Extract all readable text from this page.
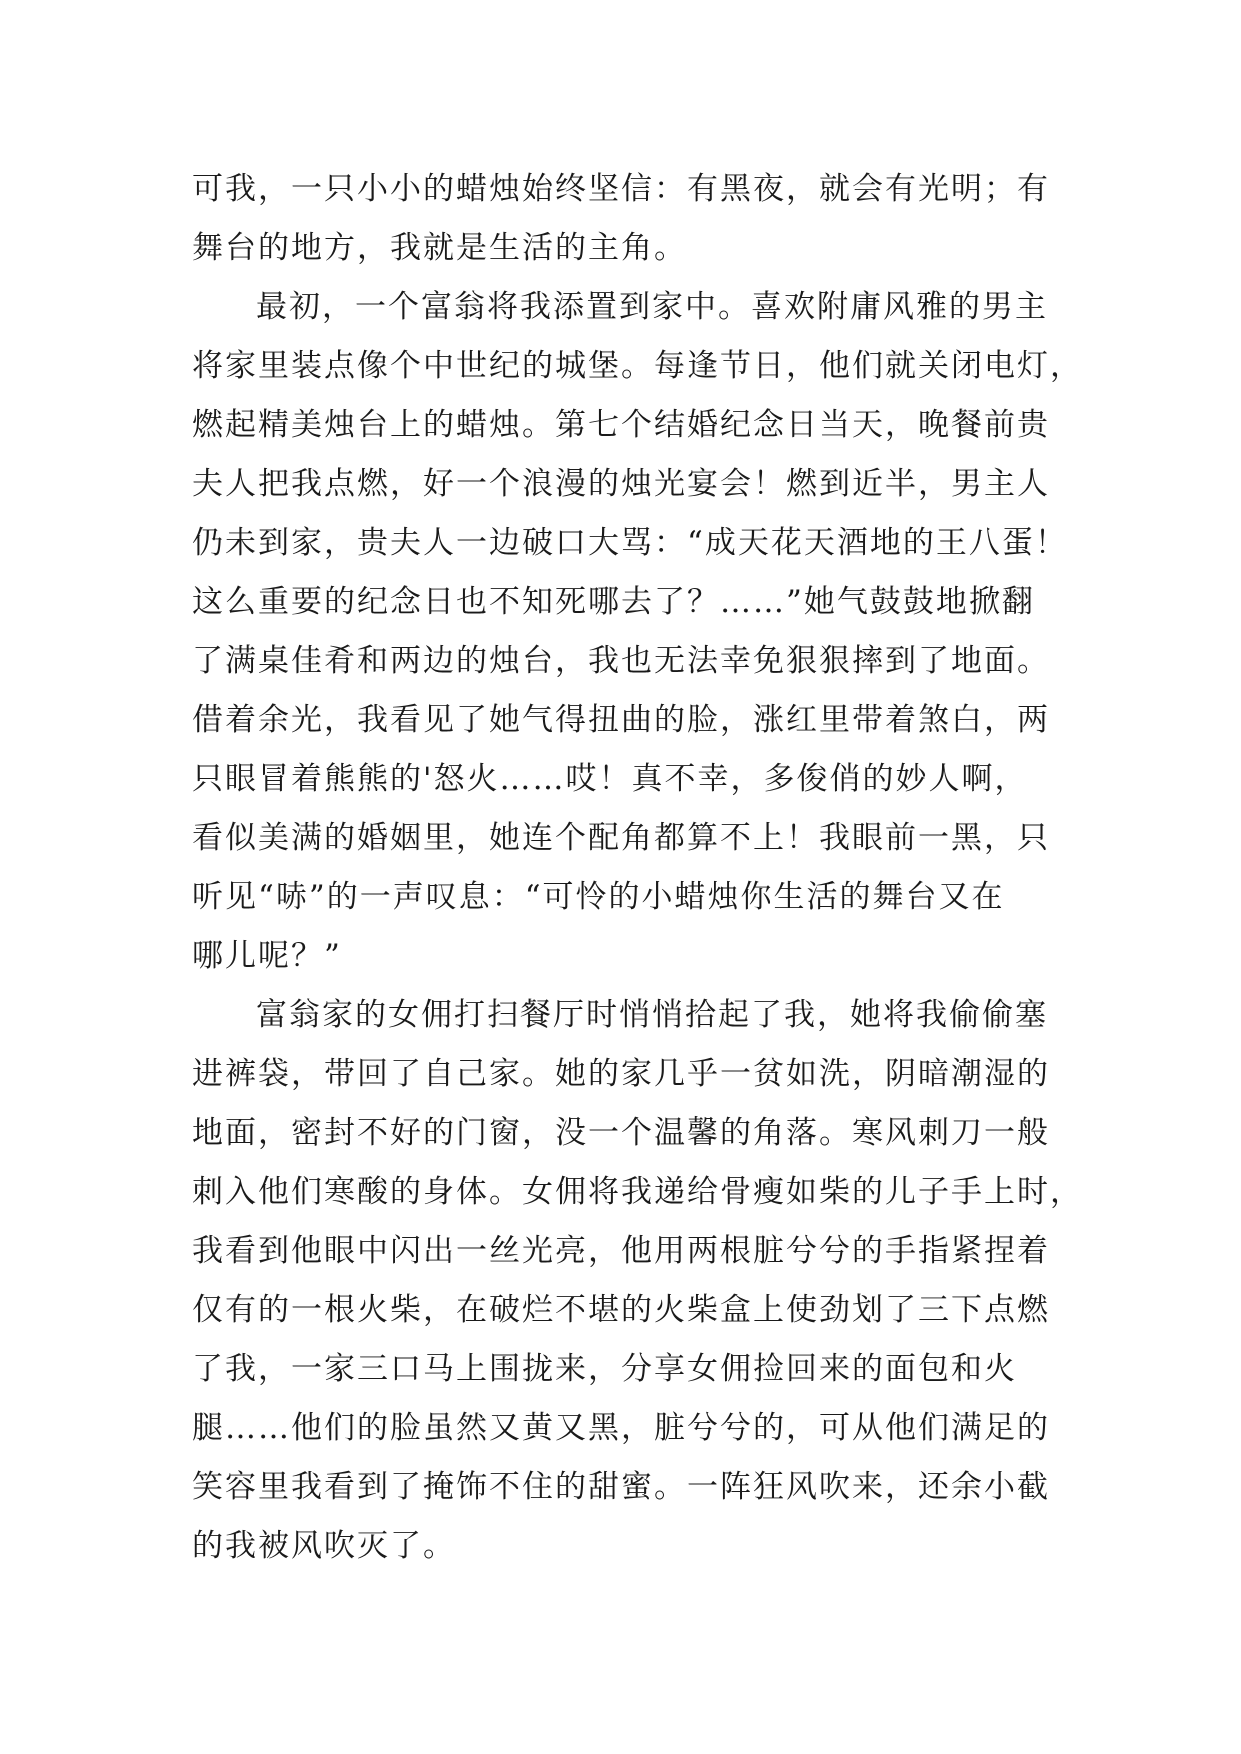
可我，一只小小的蜡烛始终坚信：有黑夜，就会有光明；有
舞台的地方，我就是生活的主角。
最初，一个富翁将我添置到家中。喜欢附庸风雅的男主
将家里装点像个中世纪的城堡。每逢节日，他们就关闭电灯，
燃起精美烛台上的蜡烛。第七个结婚纪念日当天，晚餐前贵
夫人把我点燃，好一个浪漫的烛光宴会！燃到近半，男主人
仍未到家，贵夫人一边破口大骂：“成天花天酒地的王八蛋！
这么重要的纪念日也不知死哪去了？……”她气鼓鼓地掀翻
了满桌佳肴和两边的烛台，我也无法幸免狠狠摔到了地面。
借着余光，我看见了她气得扭曲的脸，涨红里带着煞白，两
只眼冒着熊熊的'怒火……哎！真不幸，多俊俏的妙人啊，
看似美满的婚姻里，她连个配角都算不上！我眼前一黑，只
听见“哧”的一声叹息：“可怜的小蜡烛你生活的舞台又在
哪儿呢？”
富翁家的女佣打扫餐厅时悄悄拾起了我，她将我偷偷塞
进裤袋，带回了自己家。她的家几乎一贫如洗，阴暗潮湿的
地面，密封不好的门窗，没一个温馨的角落。寒风刺刀一般
刺入他们寒酸的身体。女佣将我递给骨瘦如柴的儿子手上时，
我看到他眼中闪出一丝光亮，他用两根脏兮兮的手指紧捏着
仅有的一根火柴，在破烂不堪的火柴盒上使劲划了三下点燃
了我，一家三口马上围拢来，分享女佣捡回来的面包和火
腿……他们的脸虽然又黄又黑，脏兮兮的，可从他们满足的
笑容里我看到了掩饰不住的甜蜜。一阵狂风吹来，还余小截
的我被风吹灭了。
